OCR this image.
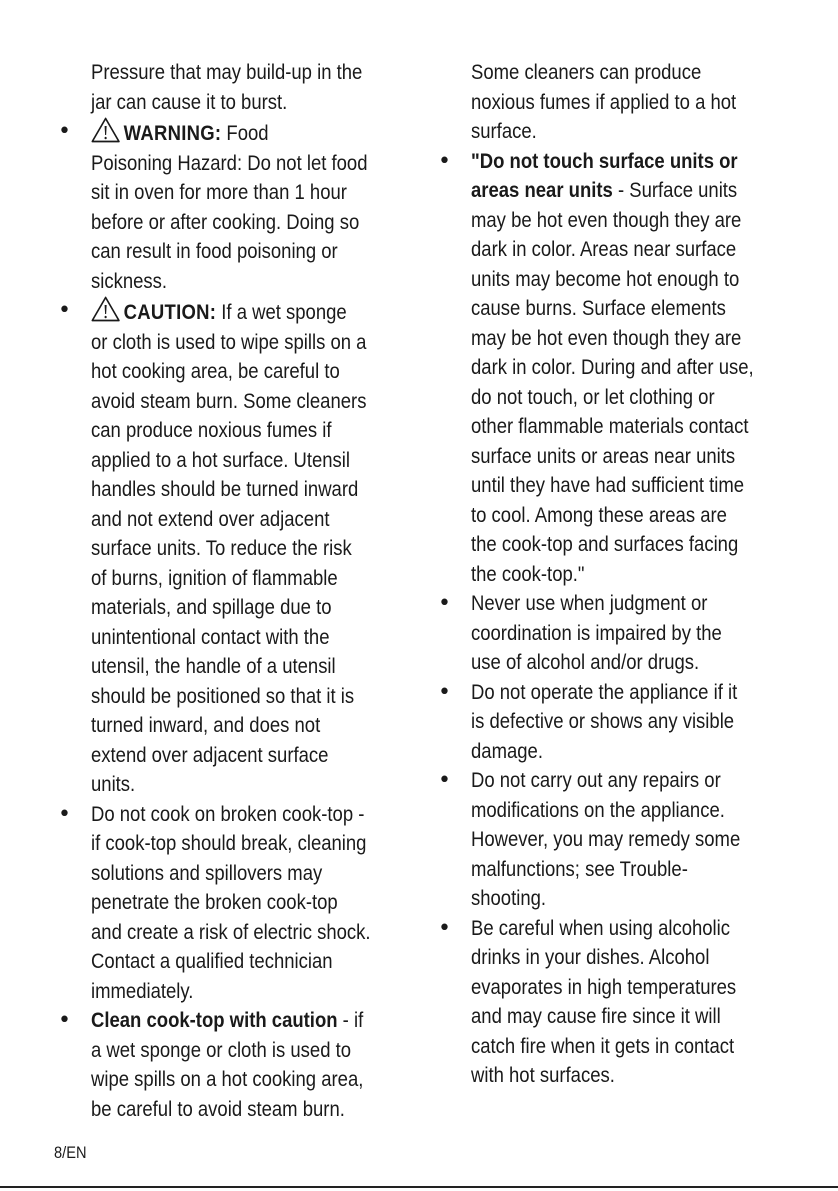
Pressure that may build-up in the
jar can cause it to burst.
•	WARNING: Food
Poisoning Hazard: Do not let food
sit in oven for more than 1 hour
before or after cooking. Doing so
can result in food poisoning or
sickness.
•	CAUTION: If a wet sponge
or cloth is used to wipe spills on a
hot cooking area, be careful to
avoid steam burn. Some cleaners
can produce noxious fumes if
applied to a hot surface. Utensil
handles should be turned inward
and not extend over adjacent
surface units. To reduce the risk
of burns, ignition of flammable
materials, and spillage due to
unintentional contact with the
utensil, the handle of a utensil
should be positioned so that it is
turned inward, and does not
extend over adjacent surface
units.
• Do not cook on broken cook-top -
if cook-top should break, cleaning
solutions and spillovers may
penetrate the broken cook-top
and create a risk of electric shock.
Contact a qualified technician
immediately.
• Clean cook-top with caution - if
a wet sponge or cloth is used to
wipe spills on a hot cooking area,
be careful to avoid steam burn.
Some cleaners can produce
noxious fumes if applied to a hot
surface.
• "Do not touch surface units or
areas near units - Surface units
may be hot even though they are
dark in color. Areas near surface
units may become hot enough to
cause burns. Surface elements
may be hot even though they are
dark in color. During and after use,
do not touch, or let clothing or
other flammable materials contact
surface units or areas near units
until they have had sufficient time
to cool. Among these areas are
the cook-top and surfaces facing
the cook-top."
• Never use when judgment or
coordination is impaired by the
use of alcohol and/or drugs.
• Do not operate the appliance if it
is defective or shows any visible
damage.
• Do not carry out any repairs or
modifications on the appliance.
However, you may remedy some
malfunctions; see Trouble-
shooting.
• Be careful when using alcoholic
drinks in your dishes. Alcohol
evaporates in high temperatures
and may cause fire since it will
catch fire when it gets in contact
with hot surfaces.
8/EN
